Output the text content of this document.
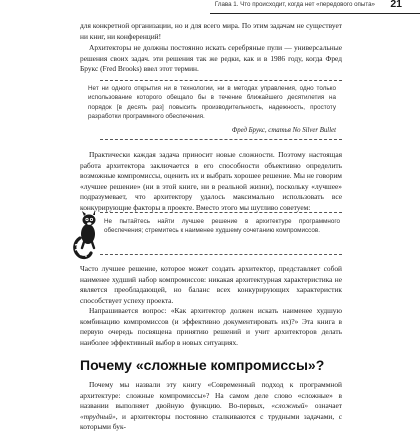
Глава 1. Что происходит, когда нет «передового опыта» 21

для конкретной организации, но и для всего мира. По этим задачам не существует ни книг, ни конференций!

Архитекторы не должны постоянно искать серебряные пули — универсальные решения своих задач. эти решения так же редки, как и в 1986 году, когда Фред Брукс (Fred Brooks) ввел этот термин.

Нет ни одного открытия ни в технологии, ни в методах управления, одно только использование которого обещало бы в течение ближайшего десятилетия на порядок [в десять раз] повысить производительность, надежность, простоту разработки программного обеспечения.

Фред Брукс, статья No Silver Bullet

Практически каждая задача приносит новые сложности. Поэтому настоящая работа архитектора заключается в его способности объективно определить возможные компромиссы, оценить их и выбрать хорошее решение. Мы не говорим «лучшее решение» (ни в этой книге, ни в реальной жизни), поскольку «лучшее» подразумевает, что архитектору удалось максимально использовать все конкурирующие факторы в проекте. Вместо этого мы шутливо советуем:

Не пытайтесь найти лучшее решение в архитектуре программного обеспечения; стремитесь к наименее худшему сочетанию компромиссов.

Часто лучшее решение, которое может создать архитектор, представляет собой наименее худший набор компромиссов: никакая архитектурная характеристика не является преобладающей, но баланс всех конкурирующих характеристик способствует успеху проекта.

Напрашивается вопрос: «Как архитектор должен искать наименее худшую комбинацию компромиссов (и эффективно документировать их)?» Эта книга в первую очередь посвящена принятию решений и учит архитекторов делать наиболее эффективный выбор в новых ситуациях.

Почему «сложные компромиссы»?

Почему мы назвали эту книгу «Современный подход к программной архитектуре: сложные компромиссы»? На самом деле слово «сложные» в названии выполняет двойную функцию. Во-первых, «сложный» означает «трудный», и архитекторы постоянно сталкиваются с трудными задачами, с которыми бук-
